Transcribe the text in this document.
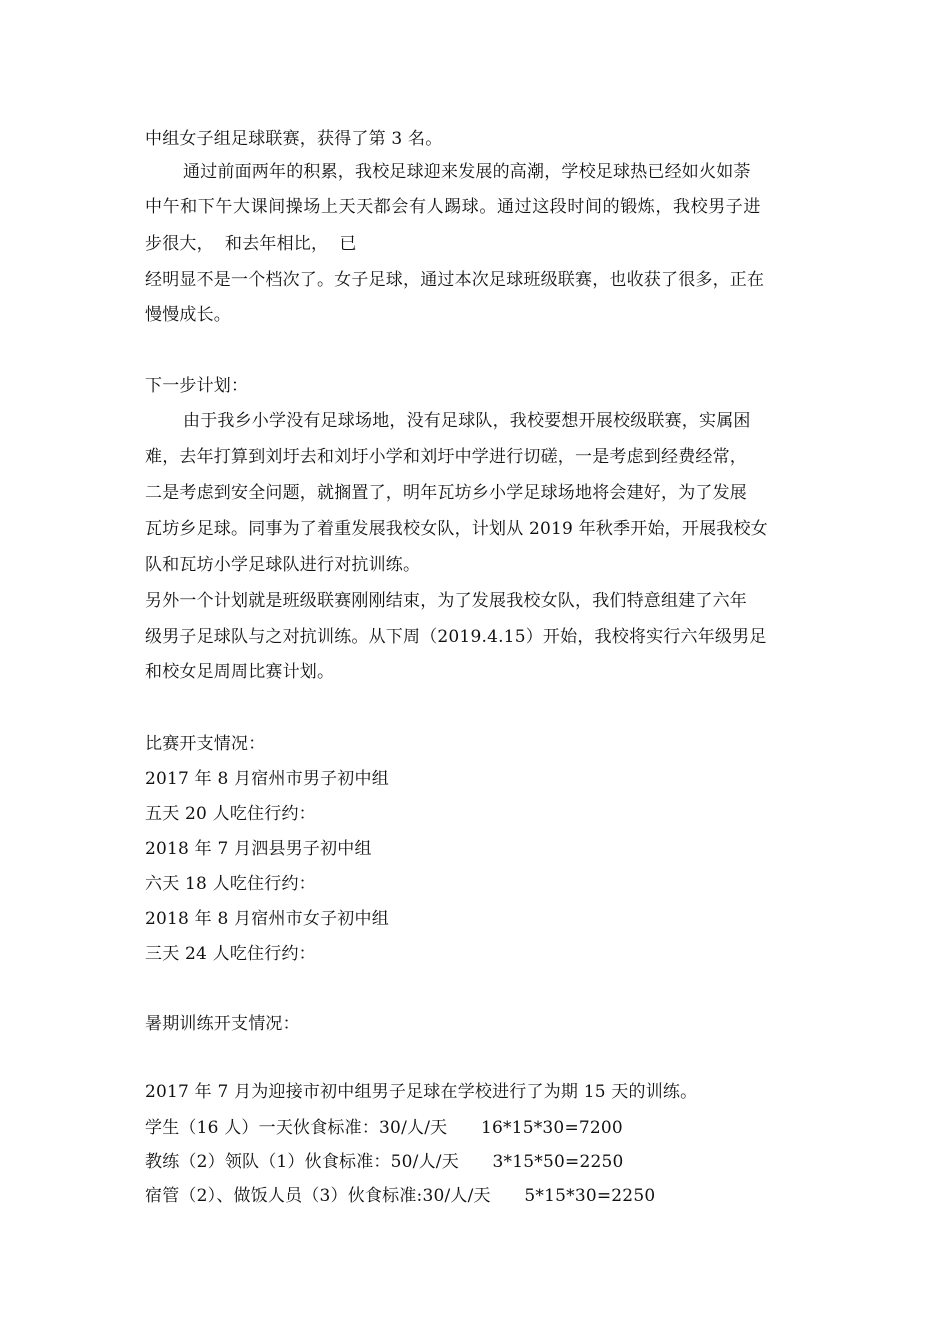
中组女子组足球联赛，获得了第 3 名。
通过前面两年的积累，我校足球迎来发展的高潮，学校足球热已经如火如荼
中午和下午大课间操场上天天都会有人踢球。通过这段时间的锻炼，我校男子进
步很大，  和去年相比，  已
经明显不是一个档次了。女子足球，通过本次足球班级联赛，也收获了很多，正在
慢慢成长。
下一步计划：
由于我乡小学没有足球场地，没有足球队，我校要想开展校级联赛，实属困
难，去年打算到刘圩去和刘圩小学和刘圩中学进行切磋，一是考虑到经费经常，
二是考虑到安全问题，就搁置了，明年瓦坊乡小学足球场地将会建好，为了发展
瓦坊乡足球。同事为了着重发展我校女队，计划从 2019 年秋季开始，开展我校女
队和瓦坊小学足球队进行对抗训练。
另外一个计划就是班级联赛刚刚结束，为了发展我校女队，我们特意组建了六年
级男子足球队与之对抗训练。从下周（2019.4.15）开始，我校将实行六年级男足
和校女足周周比赛计划。
比赛开支情况：
2017 年 8 月宿州市男子初中组
五天 20 人吃住行约：
2018 年 7 月泗县男子初中组
六天 18 人吃住行约：
2018 年 8 月宿州市女子初中组
三天 24 人吃住行约：
暑期训练开支情况：
2017 年 7 月为迎接市初中组男子足球在学校进行了为期 15 天的训练。
学生（16 人）一天伙食标准：30/人/天      16*15*30=7200
教练（2）领队（1）伙食标准：50/人/天      3*15*50=2250
宿管（2）、做饭人员（3）伙食标准:30/人/天      5*15*30=2250
